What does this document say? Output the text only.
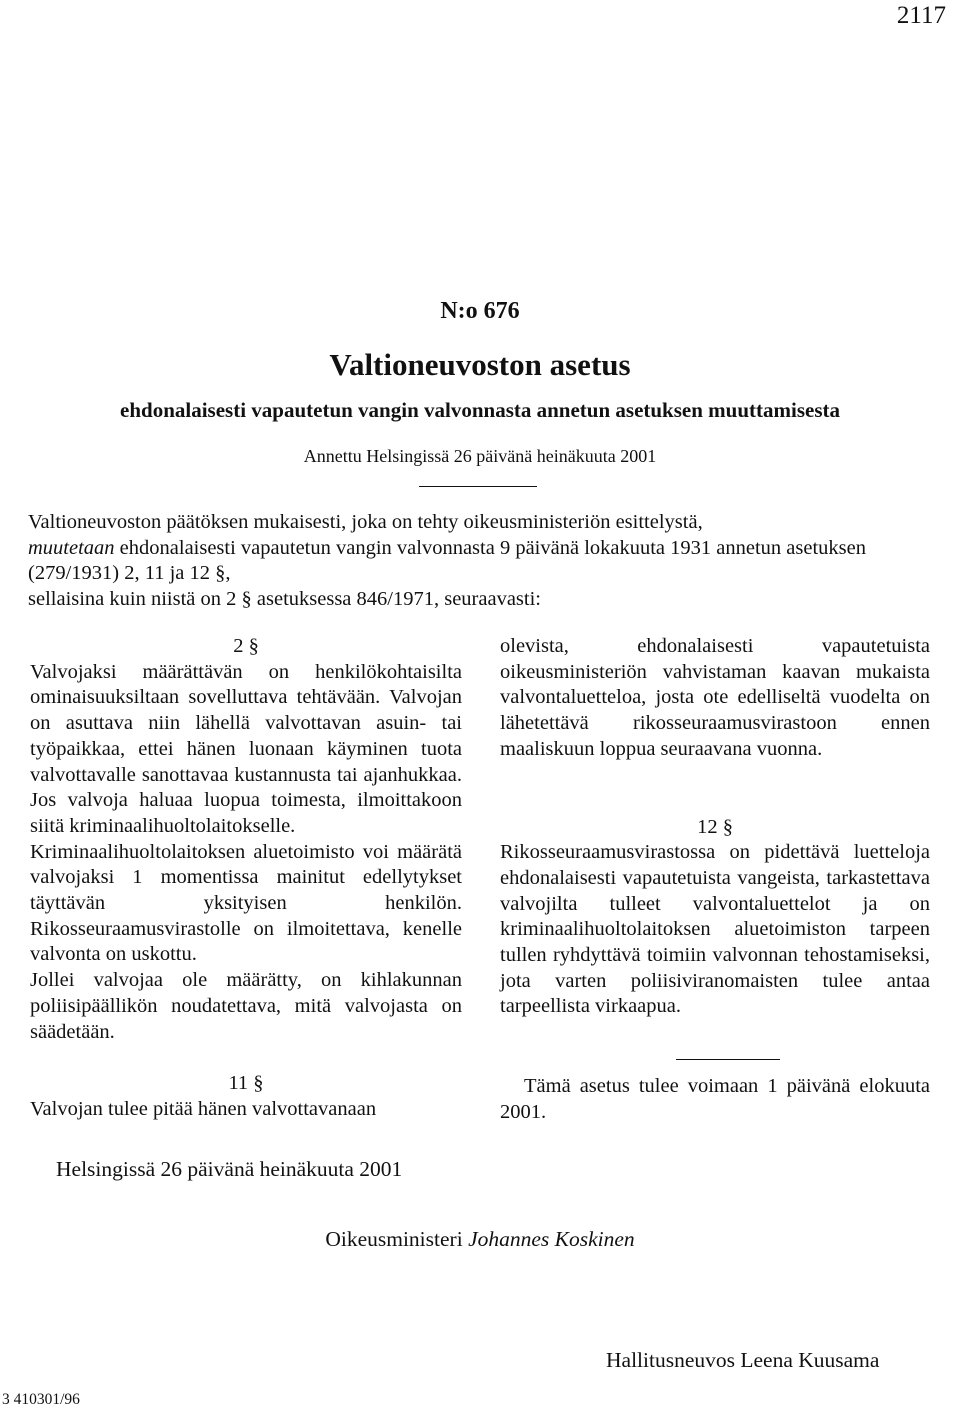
2117
N:o 676
Valtioneuvoston asetus
ehdonalaisesti vapautetun vangin valvonnasta annetun asetuksen muuttamisesta
Annettu Helsingissä 26 päivänä heinäkuuta 2001

Valtioneuvoston päätöksen mukaisesti, joka on tehty oikeusministeriön esittelystä,

muutetaan ehdonalaisesti vapautetun vangin valvonnasta 9 päivänä lokakuuta 1931 annetun asetuksen (279/1931) 2, 11 ja 12 §,

sellaisina kuin niistä on 2 § asetuksessa 846/1971, seuraavasti:

2 §

Valvojaksi määrättävän on henkilökohtaisilta ominaisuuksiltaan sovelluttava tehtävään. Valvojan on asuttava niin lähellä valvottavan asuin- tai työpaikkaa, ettei hänen luonaan käyminen tuota valvottavalle sanottavaa kustannusta tai ajanhukkaa. Jos valvoja haluaa luopua toimesta, ilmoittakoon siitä kriminaalihuoltolaitokselle.

Kriminaalihuoltolaitoksen aluetoimisto voi määrätä valvojaksi 1 momentissa mainitut edellytykset täyttävän yksityisen henkilön. Rikosseuraamusvirastolle on ilmoitettava, kenelle valvonta on uskottu.

Jollei valvojaa ole määrätty, on kihlakunnan poliisipäällikön noudatettava, mitä valvojasta on säädetään.

11 §

Valvojan tulee pitää hänen valvottavanaan

olevista, ehdonalaisesti vapautetuista oikeusministeriön vahvistaman kaavan mukaista valvontaluetteloa, josta ote edelliseltä vuodelta on lähetettävä rikosseuraamusvirastoon ennen maaliskuun loppua seuraavana vuonna.

12 §

Rikosseuraamusvirastossa on pidettävä luetteloja ehdonalaisesti vapautetuista vangeista, tarkastettava valvojilta tulleet valvontaluettelot ja on kriminaalihuoltolaitoksen aluetoimiston tarpeen tullen ryhdyttävä toimiin valvonnan tehostamiseksi, jota varten poliisiviranomaisten tulee antaa tarpeellista virkaapua.

Tämä asetus tulee voimaan 1 päivänä elokuuta 2001.

Helsingissä 26 päivänä heinäkuuta 2001
Oikeusministeri Johannes Koskinen
Hallitusneuvos Leena Kuusama
3 410301/96
